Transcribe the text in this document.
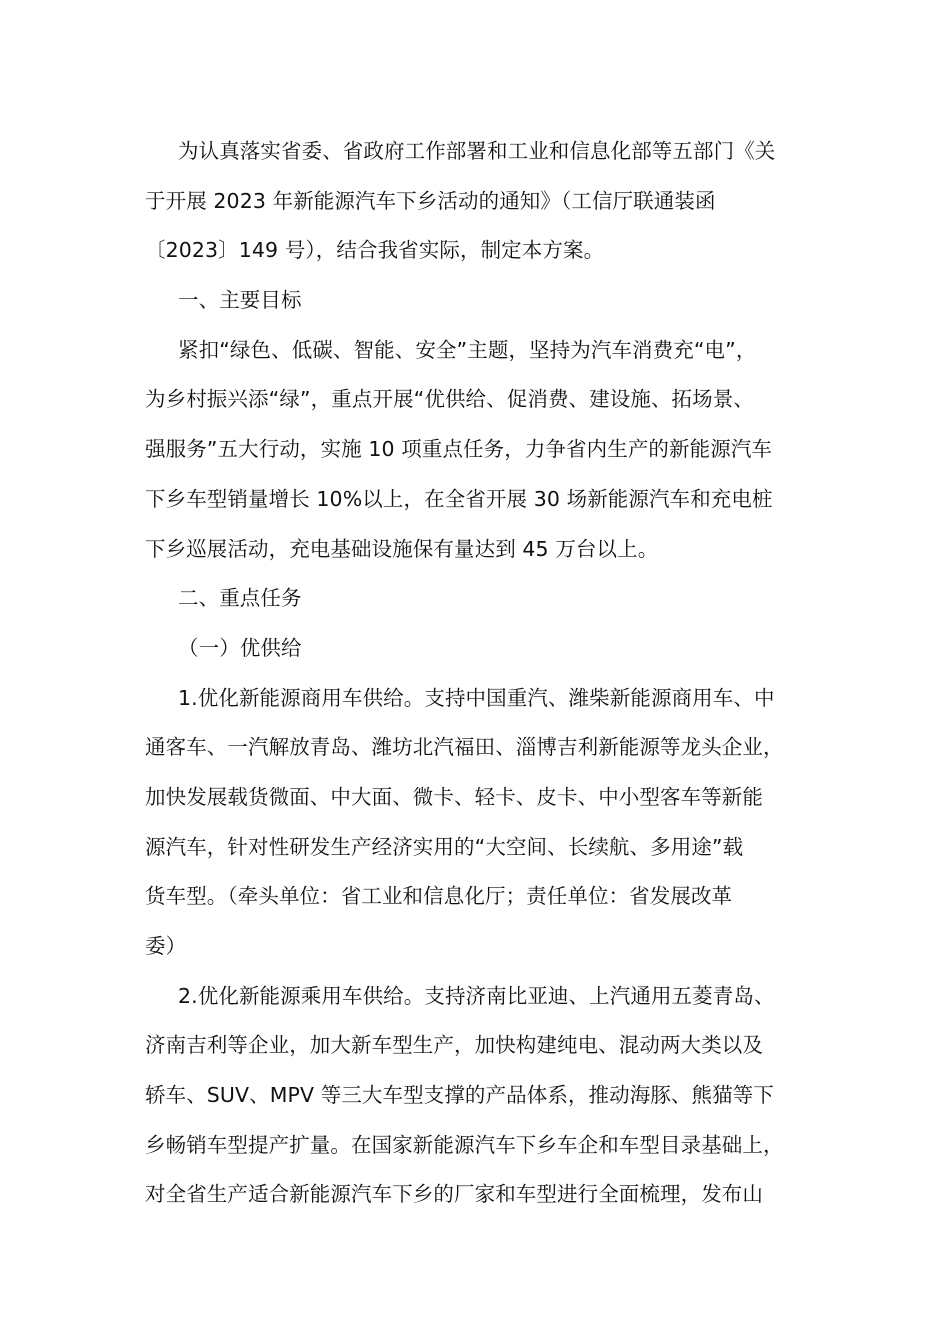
为认真落实省委、省政府工作部署和工业和信息化部等五部门《关
于开展 2023 年新能源汽车下乡活动的通知》（工信厅联通装函
〔2023〕149 号），结合我省实际，制定本方案。
一、主要目标
紧扣“绿色、低碳、智能、安全”主题，坚持为汽车消费充“电”，
为乡村振兴添“绿”，重点开展“优供给、促消费、建设施、拓场景、
强服务”五大行动，实施 10 项重点任务，力争省内生产的新能源汽车
下乡车型销量增长 10%以上，在全省开展 30 场新能源汽车和充电桩
下乡巡展活动，充电基础设施保有量达到 45 万台以上。
二、重点任务
（一）优供给
1.优化新能源商用车供给。支持中国重汽、潍柴新能源商用车、中
通客车、一汽解放青岛、潍坊北汽福田、淄博吉利新能源等龙头企业，
加快发展载货微面、中大面、微卡、轻卡、皮卡、中小型客车等新能
源汽车，针对性研发生产经济实用的“大空间、长续航、多用途”载
货车型。（牵头单位：省工业和信息化厅；责任单位：省发展改革
委）
2.优化新能源乘用车供给。支持济南比亚迪、上汽通用五菱青岛、
济南吉利等企业，加大新车型生产，加快构建纯电、混动两大类以及
轿车、SUV、MPV 等三大车型支撑的产品体系，推动海豚、熊猫等下
乡畅销车型提产扩量。在国家新能源汽车下乡车企和车型目录基础上，
对全省生产适合新能源汽车下乡的厂家和车型进行全面梳理，发布山
